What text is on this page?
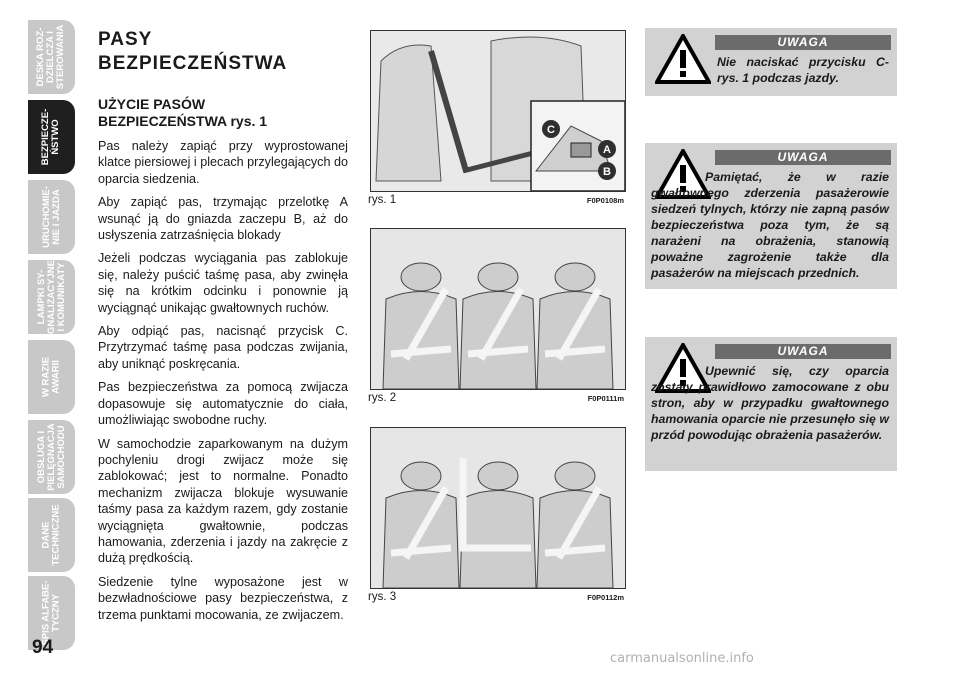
DESKA ROZ-
DZIELCZA I
STEROWANIA
BEZPIECZE-
ŃSTWO
URUCHOMIE-
NIE I JAZDA
LAMPKI SY-
GNALIZACYJNE
I KOMUNIKATY
W RAZIE
AWARII
OBSŁUGA I
PIELĘGNACJA
SAMOCHODU
DANE
TECHNICZNE
SPIS ALFABE-
TYCZNY
94
PASY
BEZPIECZEŃSTWA
UŻYCIE PASÓW
BEZPIECZEŃSTWA rys. 1

Pas należy zapiąć przy wyprostowanej klatce piersiowej i plecach przylegających do oparcia siedzenia.

Aby zapiąć pas, trzymając przelotkę A wsunąć ją do gniazda zaczepu B, aż do usłyszenia zatrzaśnięcia blokady

Jeżeli podczas wyciągania pas zablokuje się, należy puścić taśmę pasa, aby zwinęła się na krótkim odcinku i ponownie ją wyciągnąć unikając gwałtownych ruchów.

Aby odpiąć pas, nacisnąć przycisk C. Przytrzymać taśmę pasa podczas zwijania, aby uniknąć poskręcania.

Pas bezpieczeństwa za pomocą zwijacza dopasowuje się automatycznie do ciała, umożliwiając swobodne ruchy.

W samochodzie zaparkowanym na dużym pochyleniu drogi zwijacz może się zablokować; jest to normalne. Ponadto mechanizm zwijacza blokuje wysuwanie taśmy pasa za każdym razem, gdy zostanie wyciągnięta gwałtownie, podczas hamowania, zderzenia i jazdy na zakręcie z dużą prędkością.

Siedzenie tylne wyposażone jest w bezwładnościowe pasy bezpieczeństwa, z trzema punktami mocowania, ze zwijaczem.

C
A
B
rys. 1	F0P0108m
rys. 2	F0P0111m
rys. 3	F0P0112m
UWAGA
Nie naciskać przycisku C-rys. 1 podczas jazdy.
UWAGA
Pamiętać, że w razie gwałtownego zderzenia pasażerowie siedzeń tylnych, którzy nie zapną pasów bezpieczeństwa poza tym, że są narażeni na obrażenia, stanowią poważne zagrożenie także dla pasażerów na miejscach przednich.
UWAGA
Upewnić się, czy oparcia zostały prawidłowo zamocowane z obu stron, aby w przypadku gwałtownego hamowania oparcie nie przesunęło się w przód powodując obrażenia pasażerów.
carmanualsonline.info
